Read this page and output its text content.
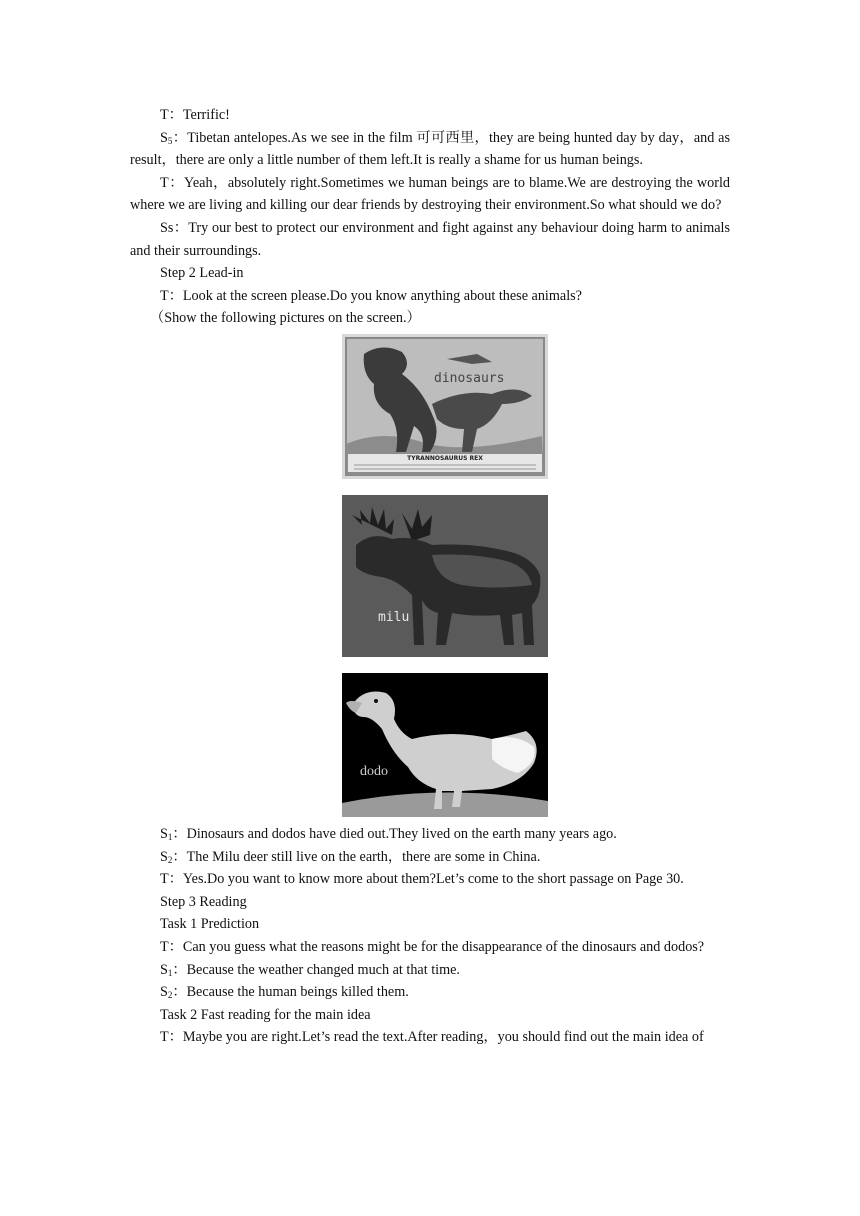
T：Terrific!

$S_5$：Tibetan antelopes.As we see in the film 可可西里，they are being hunted day by day，and as result，there are only a little number of them left.It is really a shame for us human beings.

T：Yeah，absolutely right.Sometimes we human beings are to blame.We are destroying the world where we are living and killing our dear friends by destroying their environment.So what should we do?

Ss：Try our best to protect our environment and fight against any behaviour doing harm to animals and their surroundings.

Step 2 Lead-in

T：Look at the screen please.Do you know anything about these animals?

（Show the following pictures on the screen.）

TYRANNOSAURUS REX
dinosaurs
milu
dodo

$S_1$：Dinosaurs and dodos have died out.They lived on the earth many years ago.

$S_2$：The Milu deer still live on the earth，there are some in China.

T：Yes.Do you want to know more about them?Let’s come to the short passage on Page 30.

Step 3 Reading

Task 1 Prediction

T：Can you guess what the reasons might be for the disappearance of the dinosaurs and dodos?

$S_1$：Because the weather changed much at that time.

$S_2$：Because the human beings killed them.

Task 2 Fast reading for the main idea

T：Maybe you are right.Let’s read the text.After reading，you should find out the main idea of
